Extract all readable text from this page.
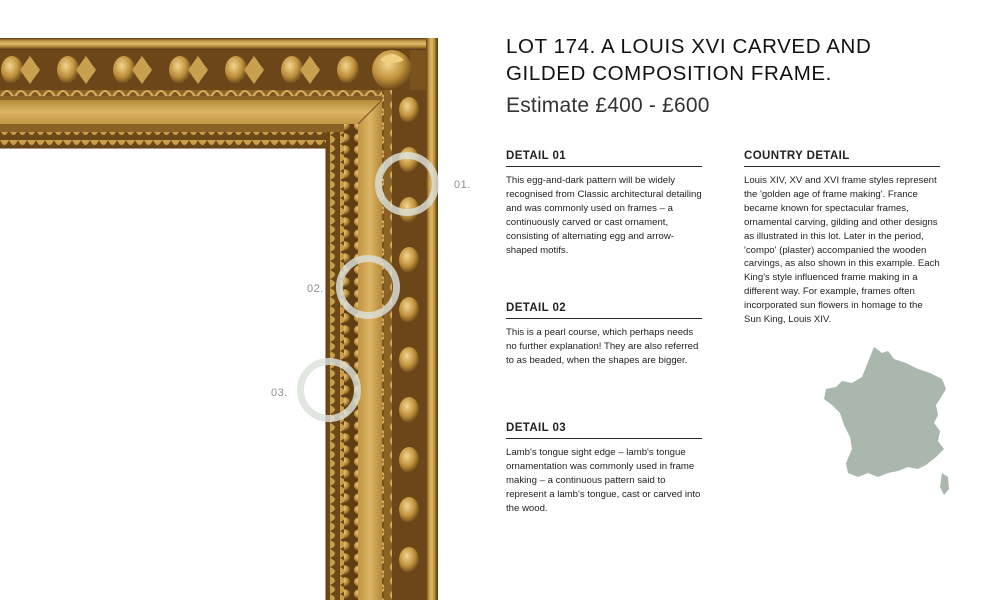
01.
02.
03.
LOT 174. A LOUIS XVI CARVED AND GILDED COMPOSITION FRAME.
Estimate £400 - £600
DETAIL 01

This egg-and-dark pattern will be widely recognised from Classic architectural detailing and was commonly used on frames – a continuously carved or cast ornament, consisting of alternating egg and arrow-shaped motifs.

DETAIL 02

This is a pearl course, which perhaps needs no further explanation! They are also referred to as beaded, when the shapes are bigger.

DETAIL 03

Lamb's tongue sight edge – lamb's tongue ornamentation was commonly used in frame making – a continuous pattern said to represent a lamb's tongue, cast or carved into the wood.

COUNTRY DETAIL

Louis XIV, XV and XVI frame styles represent the 'golden age of frame making'. France became known for spectacular frames, ornamental carving, gilding and other designs as illustrated in this lot. Later in the period, 'compo' (plaster) accompanied the wooden carvings, as also shown in this example. Each King's style influenced frame making in a different way. For example, frames often incorporated sun flowers in homage to the Sun King, Louis XIV.
